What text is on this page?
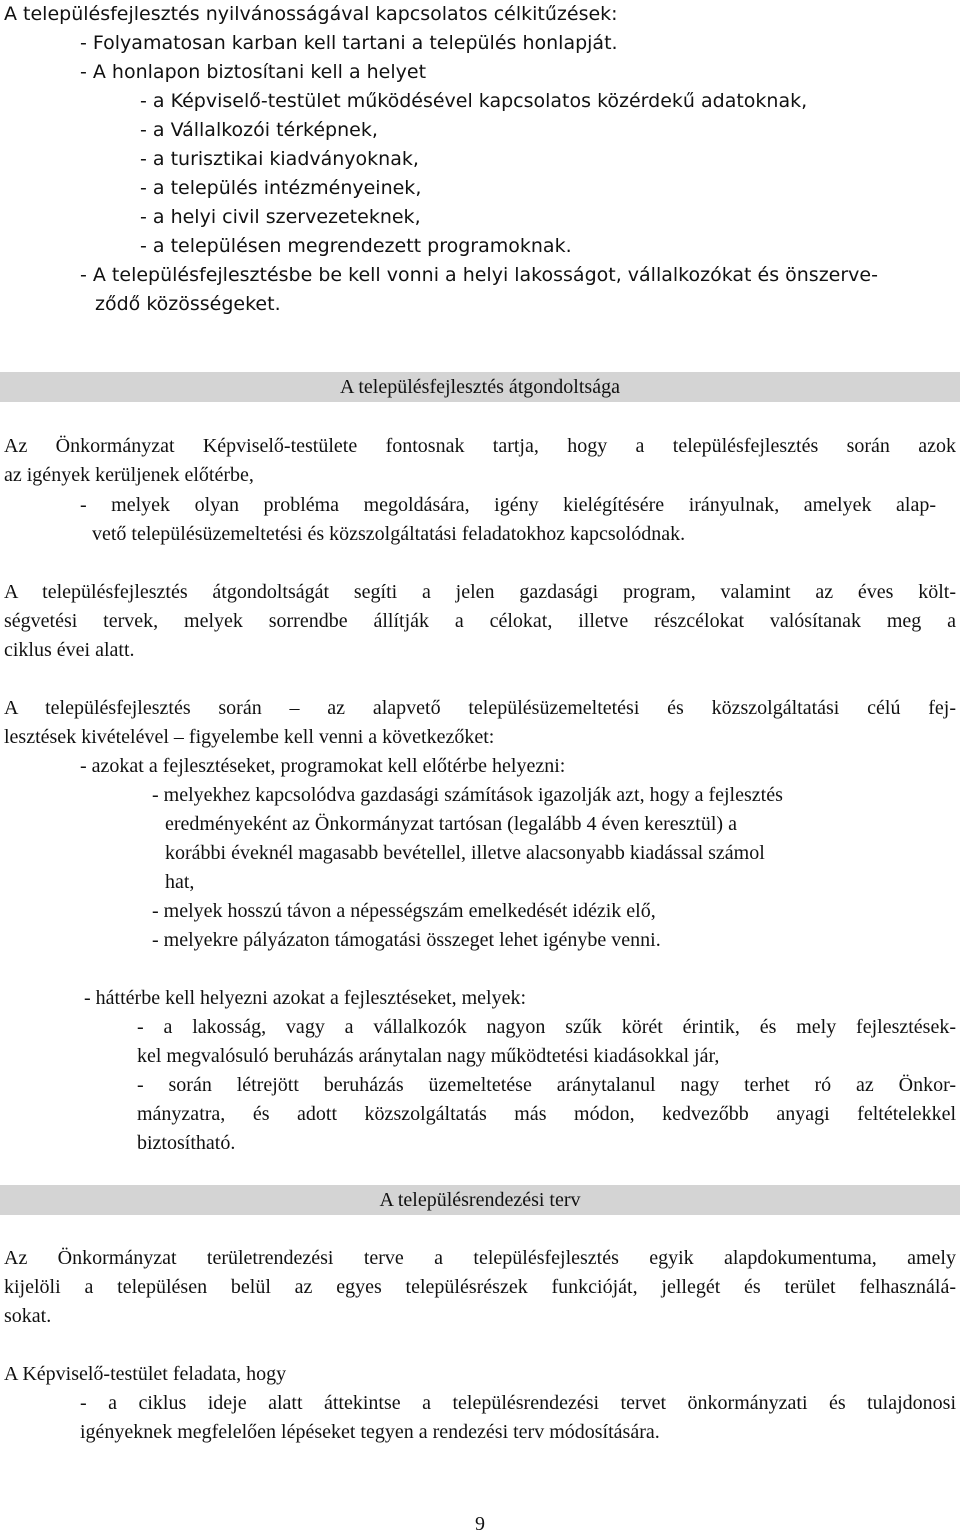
A településfejlesztés nyilvánosságával kapcsolatos célkitűzések:
- Folyamatosan karban kell tartani a település honlapját.
- A honlapon biztosítani kell a helyet
- a Képviselő-testület működésével kapcsolatos közérdekű adatoknak,
- a Vállalkozói térképnek,
- a turisztikai kiadványoknak,
- a település intézményeinek,
- a helyi civil szervezeteknek,
- a településen megrendezett programoknak.
- A településfejlesztésbe be kell vonni a helyi lakosságot, vállalkozókat és önszerve-
ződő közösségeket.
A településfejlesztés átgondoltsága
Az Önkormányzat Képviselő-testülete fontosnak tartja, hogy a településfejlesztés során azok
az igények kerüljenek előtérbe,
- melyek olyan probléma megoldására, igény kielégítésére irányulnak, amelyek alap-
vető településüzemeltetési és közszolgáltatási feladatokhoz kapcsolódnak.
A településfejlesztés átgondoltságát segíti a jelen gazdasági program, valamint az éves költ-
ségvetési tervek, melyek sorrendbe állítják a célokat, illetve részcélokat valósítanak meg a
ciklus évei alatt.
A településfejlesztés során – az alapvető településüzemeltetési és közszolgáltatási célú fej-
lesztések kivételével – figyelembe kell venni a következőket:
- azokat a fejlesztéseket, programokat kell előtérbe helyezni:
- melyekhez kapcsolódva gazdasági számítások igazolják azt, hogy a fejlesztés
eredményeként az Önkormányzat tartósan (legalább 4 éven keresztül) a
korábbi éveknél magasabb bevétellel, illetve alacsonyabb kiadással számol
hat,
- melyek hosszú távon a népességszám emelkedését idézik elő,
- melyekre pályázaton támogatási összeget lehet igénybe venni.
- háttérbe kell helyezni azokat a fejlesztéseket, melyek:
- a lakosság, vagy a vállalkozók nagyon szűk körét érintik, és mely fejlesztések-
kel megvalósuló beruházás aránytalan nagy működtetési kiadásokkal jár,
- során létrejött beruházás üzemeltetése aránytalanul nagy terhet ró az Önkor-
mányzatra, és adott közszolgáltatás más módon, kedvezőbb anyagi feltételekkel
biztosítható.
A településrendezési terv
Az Önkormányzat területrendezési terve a településfejlesztés egyik alapdokumentuma, amely
kijelöli a településen belül az egyes településrészek funkcióját, jellegét és terület felhasználá-
sokat.
A Képviselő-testület feladata, hogy
- a ciklus ideje alatt áttekintse a településrendezési tervet önkormányzati és tulajdonosi
igényeknek megfelelően lépéseket tegyen a rendezési terv módosítására.
9
